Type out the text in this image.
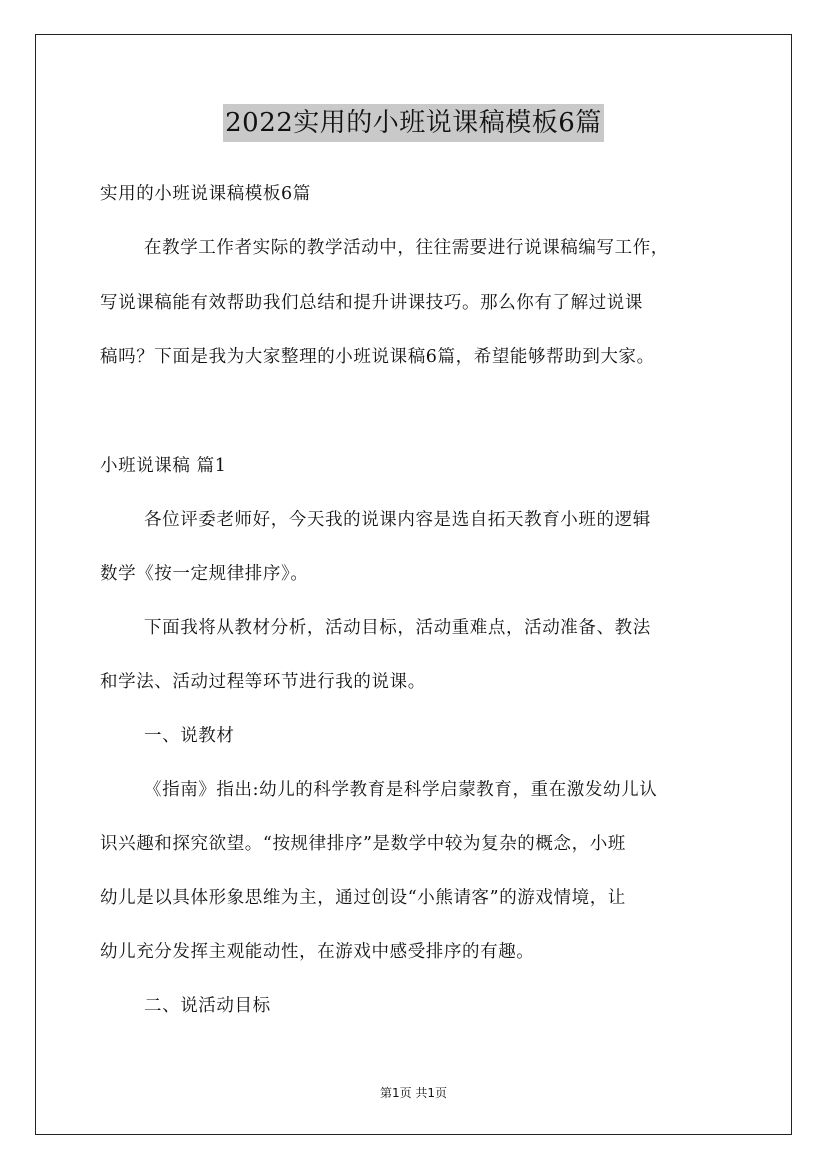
2022实用的小班说课稿模板6篇
实用的小班说课稿模板6篇
在教学工作者实际的教学活动中，往往需要进行说课稿编写工作，
写说课稿能有效帮助我们总结和提升讲课技巧。那么你有了解过说课
稿吗？下面是我为大家整理的小班说课稿6篇，希望能够帮助到大家。
小班说课稿 篇1
各位评委老师好，今天我的说课内容是选自拓天教育小班的逻辑
数学《按一定规律排序》。
下面我将从教材分析，活动目标，活动重难点，活动准备、教法
和学法、活动过程等环节进行我的说课。
一、说教材
《指南》指出:幼儿的科学教育是科学启蒙教育，重在激发幼儿认
识兴趣和探究欲望。“按规律排序”是数学中较为复杂的概念，小班
幼儿是以具体形象思维为主，通过创设“小熊请客”的游戏情境，让
幼儿充分发挥主观能动性，在游戏中感受排序的有趣。
二、说活动目标
第1页 共1页
